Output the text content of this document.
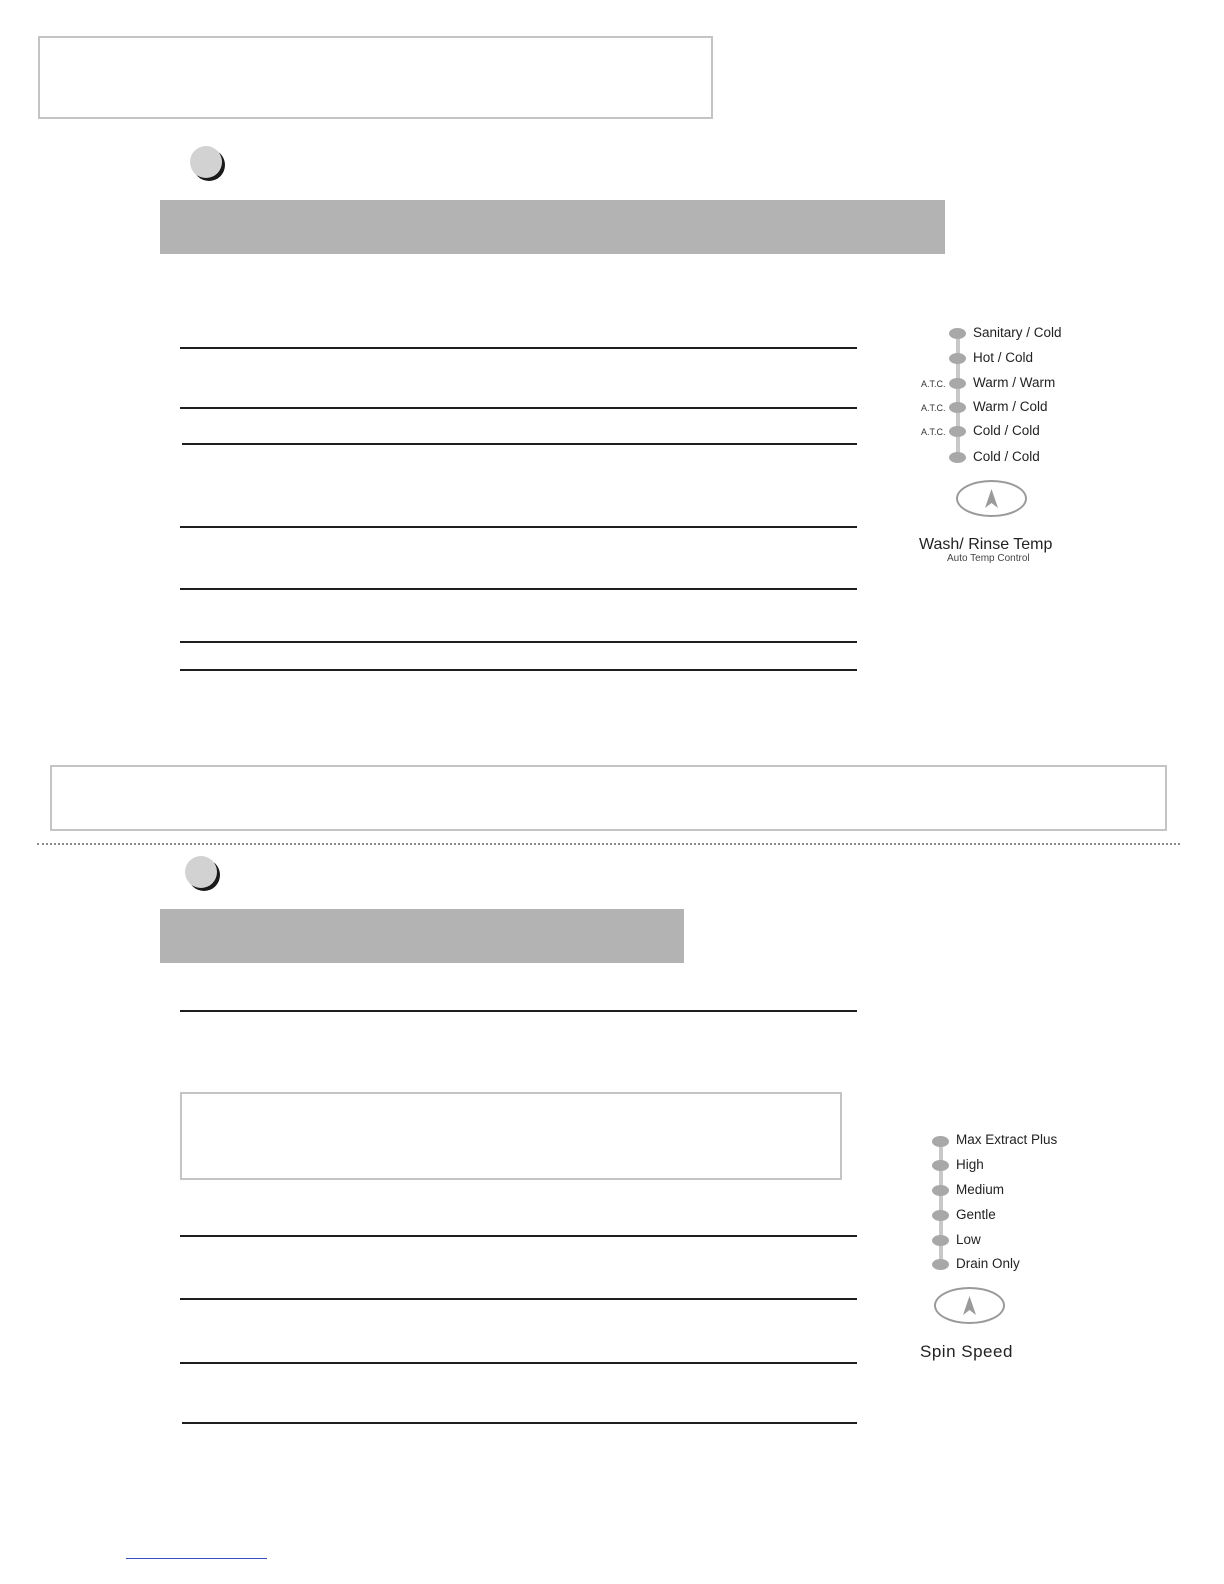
Sanitary / Cold
Hot / Cold
A.T.C. Warm / Warm
A.T.C. Warm / Cold
A.T.C. Cold / Cold
Cold / Cold
Wash/ Rinse Temp
Auto Temp Control
Max Extract Plus
High
Medium
Gentle
Low
Drain Only
Spin Speed
